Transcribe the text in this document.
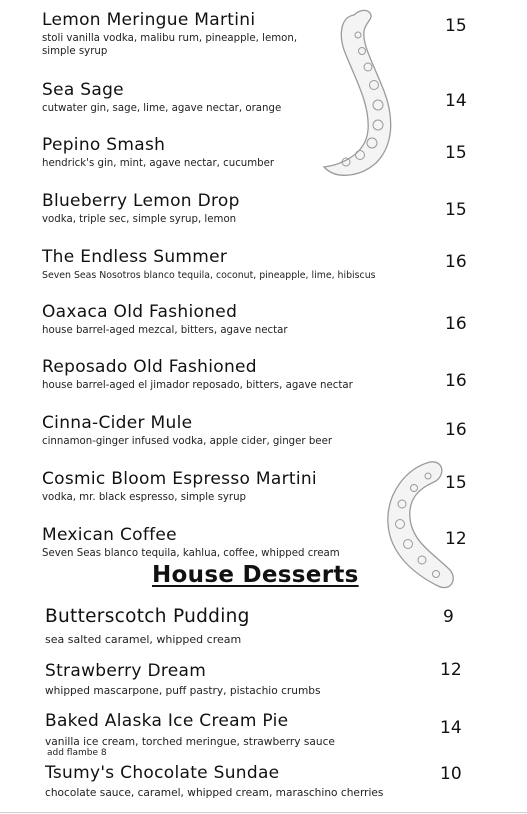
Lemon Meringue Martini
stoli vanilla vodka, malibu rum, pineapple, lemon,
simple syrup
15
Sea Sage
cutwater gin, sage, lime, agave nectar, orange	14
Pepino Smash
hendrick's gin, mint, agave nectar, cucumber
15
Blueberry Lemon Drop
vodka, triple sec, simple syrup, lemon	15
The Endless Summer
Seven Seas Nosotros blanco tequila, coconut, pineapple, lime, hibiscus
16
Oaxaca Old Fashioned
house barrel-aged mezcal, bitters, agave nectar	16
Reposado Old Fashioned
house barrel-aged el jimador reposado, bitters, agave nectar	16
Cinna-Cider Mule
cinnamon-ginger infused vodka, apple cider, ginger beer
16
Cosmic Bloom Espresso Martini
vodka, mr. black espresso, simple syrup
15
Mexican Coffee
Seven Seas blanco tequila, kahlua, coffee, whipped cream
12
House Desserts
Butterscotch Pudding
sea salted caramel, whipped cream
9
Strawberry Dream
whipped mascarpone, puff pastry, pistachio crumbs
12
Baked Alaska Ice Cream Pie
vanilla ice cream, torched meringue, strawberry sauce
add flambe 8
14
Tsumy's Chocolate Sundae
chocolate sauce, caramel, whipped cream, maraschino cherries
10
